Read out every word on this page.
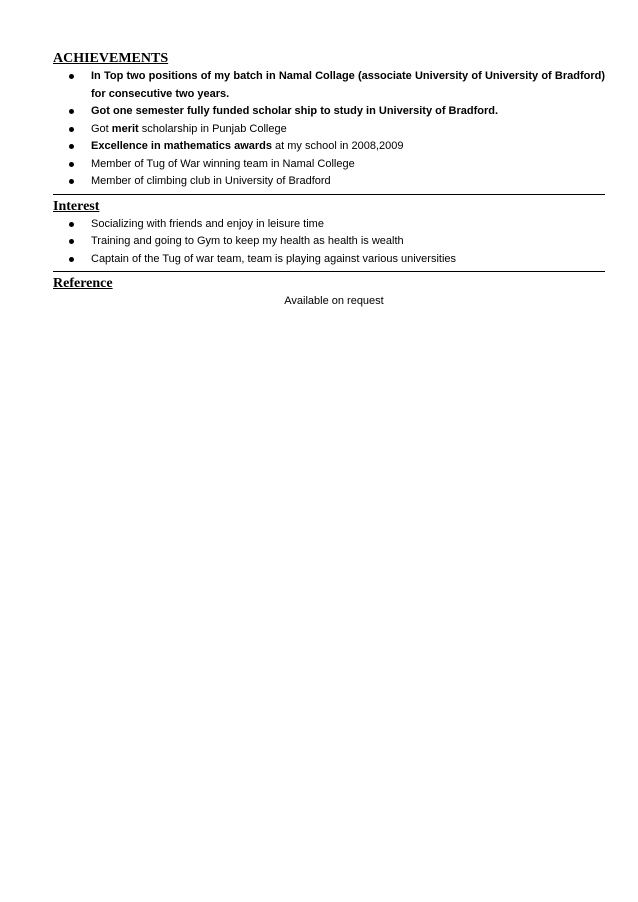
ACHIEVEMENTS
In Top two positions of my batch in Namal Collage (associate University of University of Bradford) for consecutive two years.
Got one semester fully funded scholar ship to study in University of Bradford.
Got merit scholarship in Punjab College
Excellence in mathematics awards at my school in 2008,2009
Member of Tug of War winning team in Namal College
Member of climbing club in University of Bradford
Interest
Socializing with friends and enjoy in leisure time
Training and going to Gym to keep my health as health is wealth
Captain of the Tug of war team, team is playing against various universities
Reference
Available on request
